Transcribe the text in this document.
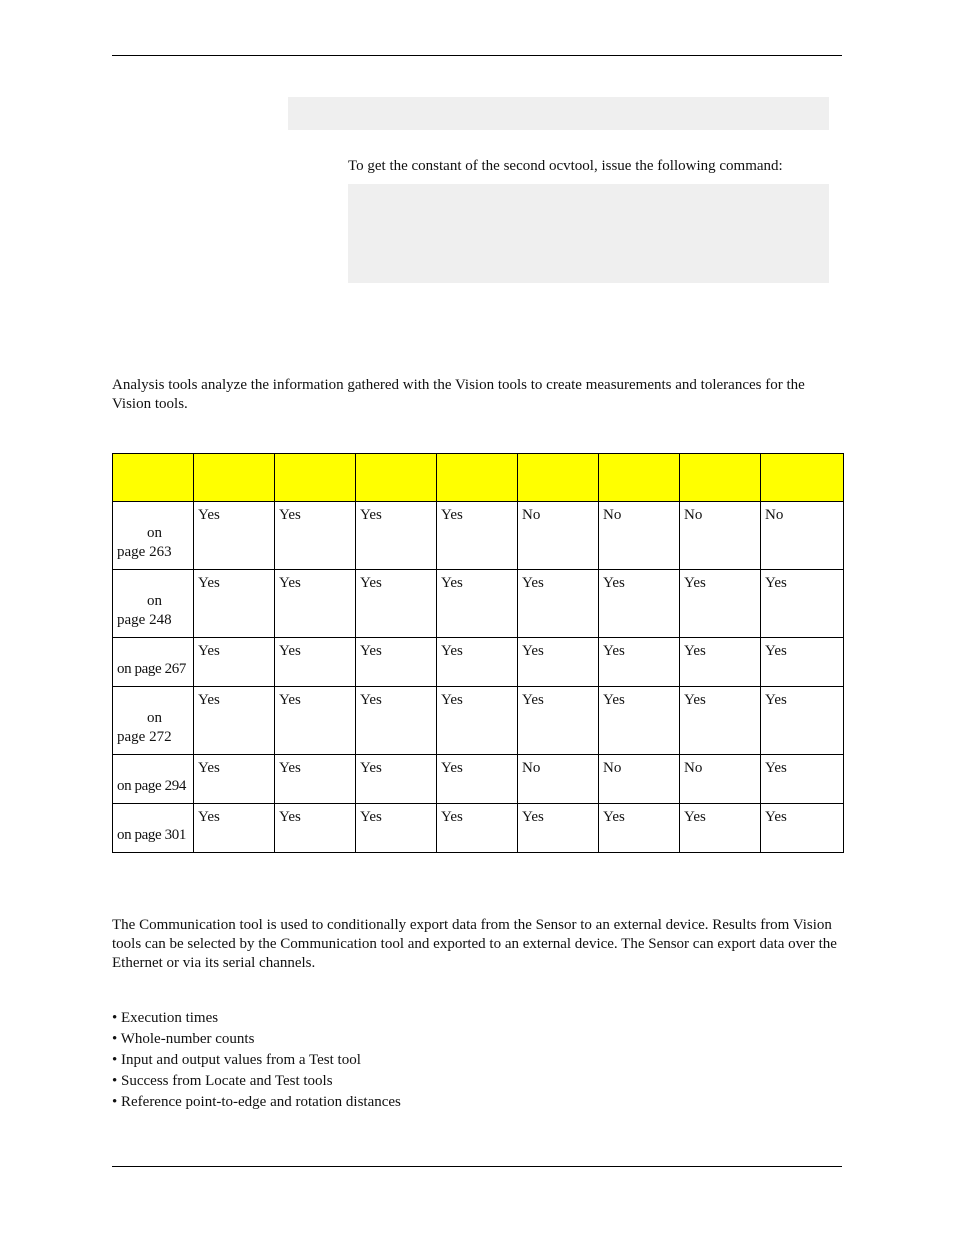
To get the constant of the second ocvtool, issue the following command:
Analysis tools analyze the information gathered with the Vision tools to create measurements and tolerances for the Vision tools.

on
page 263	Yes	Yes	Yes	Yes	No	No	No	No

on
page 248	Yes	Yes	Yes	Yes	Yes	Yes	Yes	Yes

on page 267	Yes	Yes	Yes	Yes	Yes	Yes	Yes	Yes

on
page 272	Yes	Yes	Yes	Yes	Yes	Yes	Yes	Yes

on page 294	Yes	Yes	Yes	Yes	No	No	No	Yes

on page 301	Yes	Yes	Yes	Yes	Yes	Yes	Yes	Yes
The Communication tool is used to conditionally export data from the Sensor to an external device. Results from Vision tools can be selected by the Communication tool and exported to an external device. The Sensor can export data over the Ethernet or via its serial channels.
• Execution times
• Whole-number counts
• Input and output values from a Test tool
• Success from Locate and Test tools
• Reference point-to-edge and rotation distances
